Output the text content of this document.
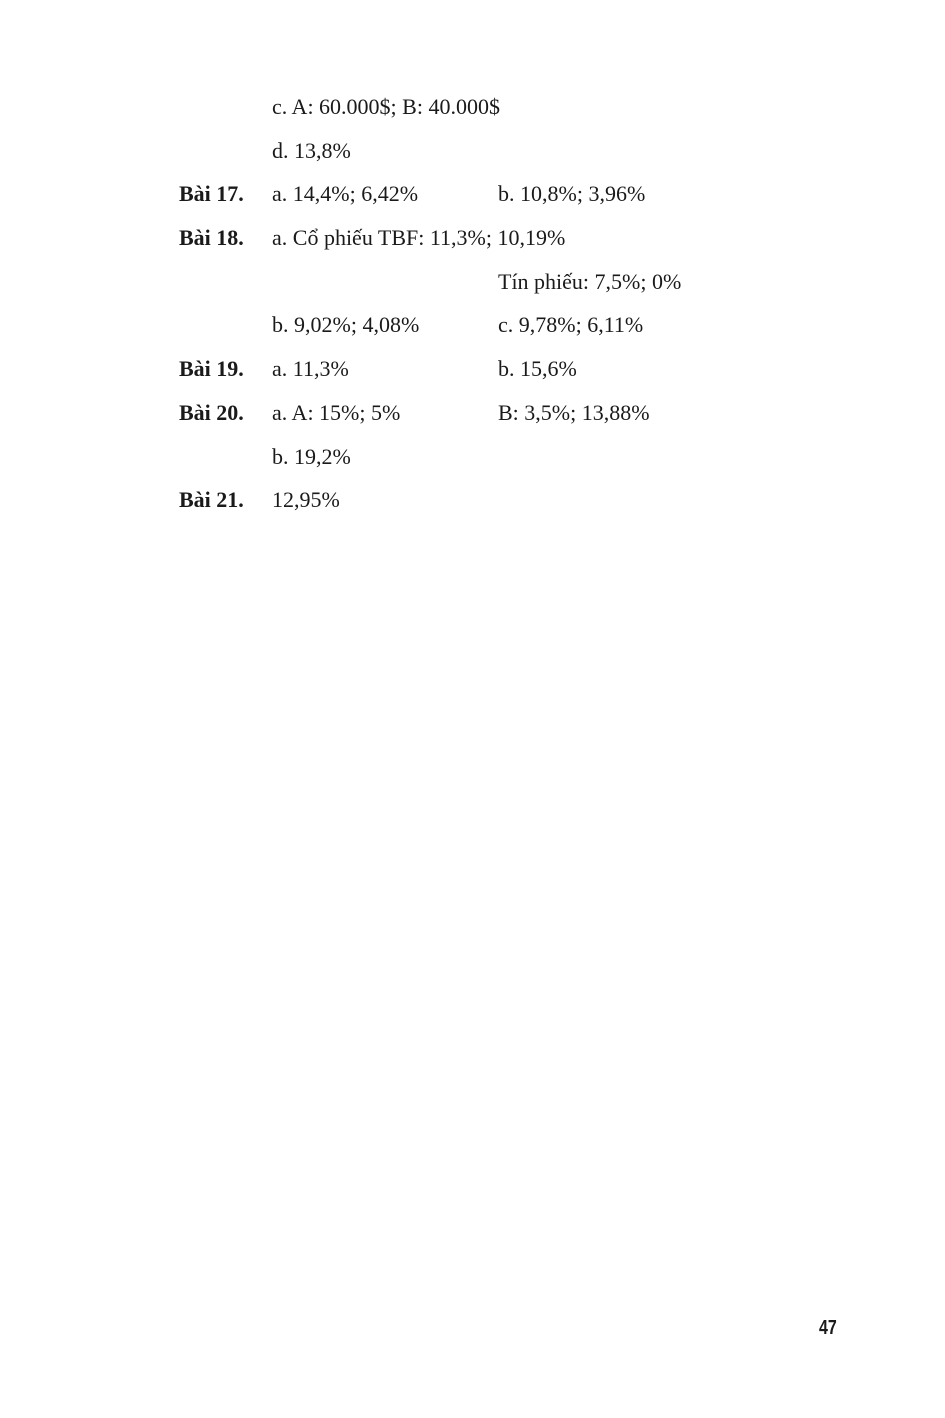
c. A: 60.000$; B: 40.000$
d. 13,8%
Bài 17. a. 14,4%; 6,42%	b. 10,8%; 3,96%
Bài 18. a. Cổ phiếu TBF: 11,3%; 10,19%
Tín phiếu: 7,5%; 0%
b. 9,02%; 4,08%	c. 9,78%; 6,11%
Bài 19. a. 11,3%	b. 15,6%
Bài 20. a. A: 15%; 5%	B: 3,5%; 13,88%
b. 19,2%
Bài 21. 12,95%
47
